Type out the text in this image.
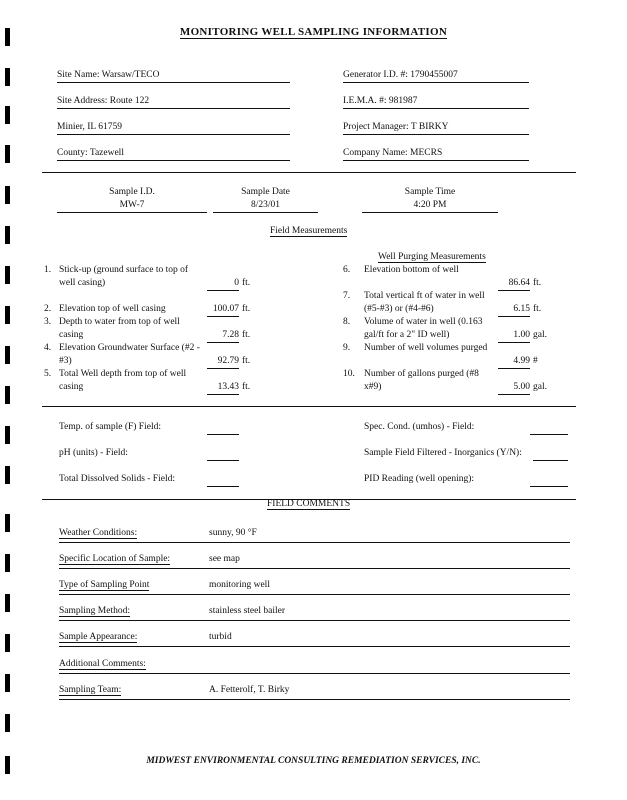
MONITORING WELL SAMPLING INFORMATION
Site Name: Warsaw/TECO
Site Address: Route 122
Minier, IL 61759
County: Tazewell
Generator I.D. #: 1790455007
I.E.M.A. #: 981987
Project Manager: T BIRKY
Company Name: MECRS
Sample I.D.
MW-7
Sample Date
8/23/01
Sample Time
4:20 PM
Field Measurements
Well Purging Measurements
1. Stick-up (ground surface to top of
well casing)	0 ft.
2. Elevation top of well casing	100.07 ft.
3. Depth to water from top of well
casing	7.28 ft.
4. Elevation Groundwater Surface (#2 -
#3)	92.79 ft.
5. Total Well depth from top of well
casing	13.43 ft.
6. Elevation bottom of well
86.64 ft.
7. Total vertical ft of water in well
(#5-#3) or (#4-#6)	6.15 ft.
8. Volume of water in well (0.163
gal/ft for a 2" ID well)	1.00 gal.
9. Number of well volumes purged
4.99 #
10. Number of gallons purged (#8
x#9)	5.00 gal.
Temp. of sample (F) Field:
pH (units) - Field:
Total Dissolved Solids - Field:
Spec. Cond. (umhos) - Field:
Sample Field Filtered - Inorganics (Y/N):
PID Reading (well opening):
FIELD COMMENTS
Weather Conditions:	sunny, 90 °F
Specific Location of Sample:	see map
Type of Sampling Point	monitoring well
Sampling Method:	stainless steel bailer
Sample Appearance:	turbid
Additional Comments:
Sampling Team:	A. Fetterolf, T. Birky
MIDWEST ENVIRONMENTAL CONSULTING REMEDIATION SERVICES, INC.
